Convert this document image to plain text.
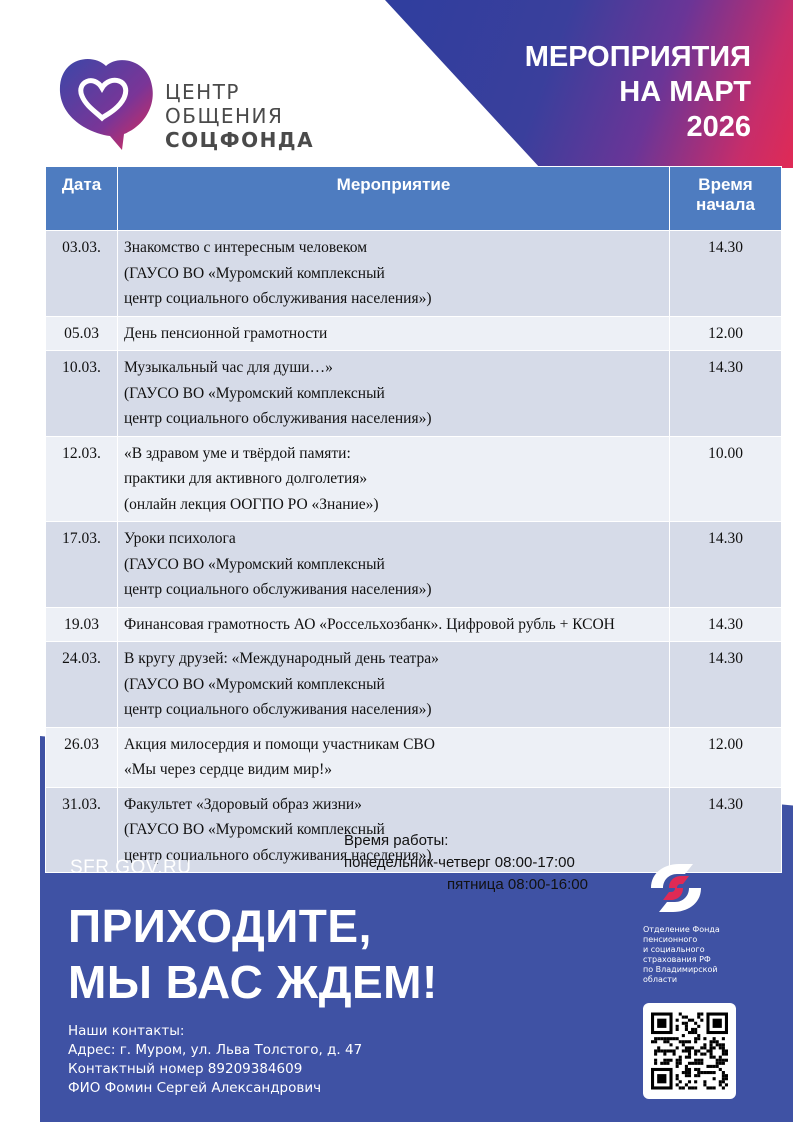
МЕРОПРИЯТИЯ
НА МАРТ
2026
ЦЕНТР
ОБЩЕНИЯ
СОЦФОНДА
Дата	Мероприятие	Время
начала
03.03.	Знакомство с интересным человеком
(ГАУСО ВО «Муромский комплексный
центр социального обслуживания населения»)	14.30
05.03	День пенсионной грамотности	12.00
10.03.	Музыкальный час для души…»
(ГАУСО ВО «Муромский комплексный
центр социального обслуживания населения»)	14.30
12.03.	«В здравом уме и твёрдой памяти:
практики для активного долголетия»
(онлайн лекция ООГПО РО «Знание»)	10.00
17.03.	Уроки психолога
(ГАУСО ВО «Муромский комплексный
центр социального обслуживания населения»)	14.30
19.03	Финансовая грамотность АО «Россельхозбанк». Цифровой рубль + КСОН	14.30
24.03.	В кругу друзей: «Международный день театра»
(ГАУСО ВО «Муромский комплексный
центр социального обслуживания населения»)	14.30
26.03	Акция милосердия и помощи участникам СВО
«Мы через сердце видим мир!»	12.00
31.03.	Факультет «Здоровый образ жизни»
(ГАУСО ВО «Муромский комплексный
центр социального обслуживания населения»)	14.30
Время работы:
понедельник-четверг 08:00-17:00
пятница 08:00-16:00
SFR.GOV.RU
ПРИХОДИТЕ,
МЫ ВАС ЖДЕМ!
Наши контакты:
Адрес: г. Муром, ул. Льва Толстого, д. 47
Контактный номер 89209384609
ФИО Фомин Сергей Александрович
Отделение Фонда
пенсионного
и социального
страхования РФ
по Владимирской
области
